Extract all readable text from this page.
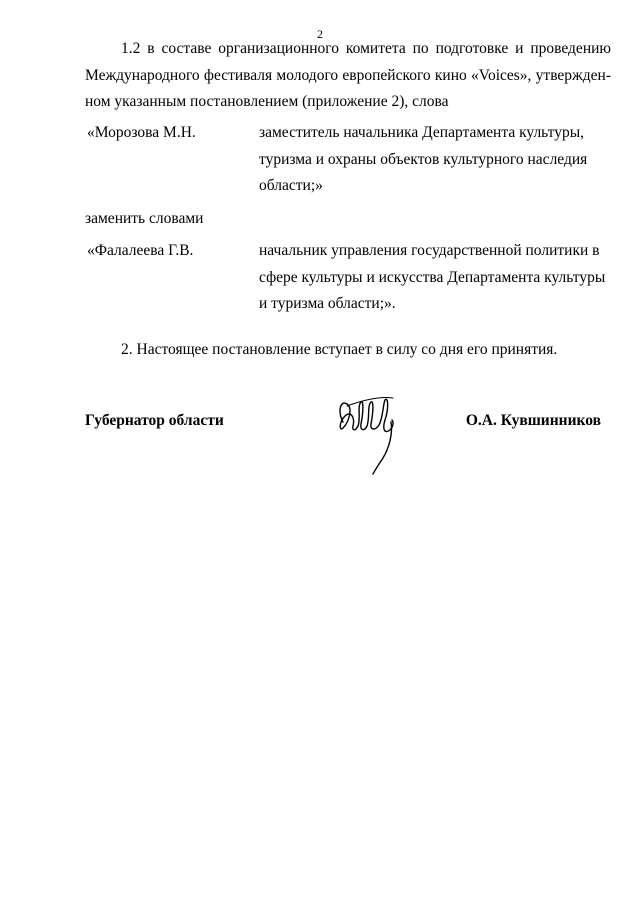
2

1.2 в составе организационного комитета по подготовке и проведению Международного фестиваля молодого европейского кино «Voices», утвержден- ном указанным постановлением (приложение 2), слова

«Морозова М.Н.	заместитель начальника Департамента культуры,
туризма и охраны объектов культурного наследия
области;»
заменить словами
«Фалалеева Г.В.	начальник управления государственной политики в
сфере культуры и искусства Департамента культуры
и туризма области;».
2. Настоящее постановление вступает в силу со дня его принятия.
Губернатор области	О.А. Кувшинников
